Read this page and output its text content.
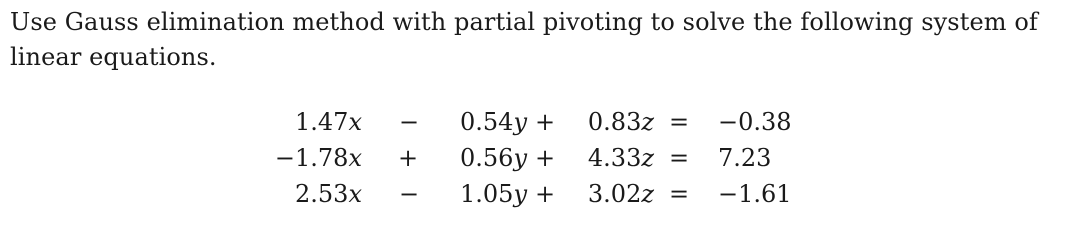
Use Gauss elimination method with partial pivoting to solve the following system of linear equations.
1.47x − 0.54y + 0.83z = −0.38
−1.78x + 0.56y + 4.33z = 7.23
2.53x − 1.05y + 3.02z = −1.61
